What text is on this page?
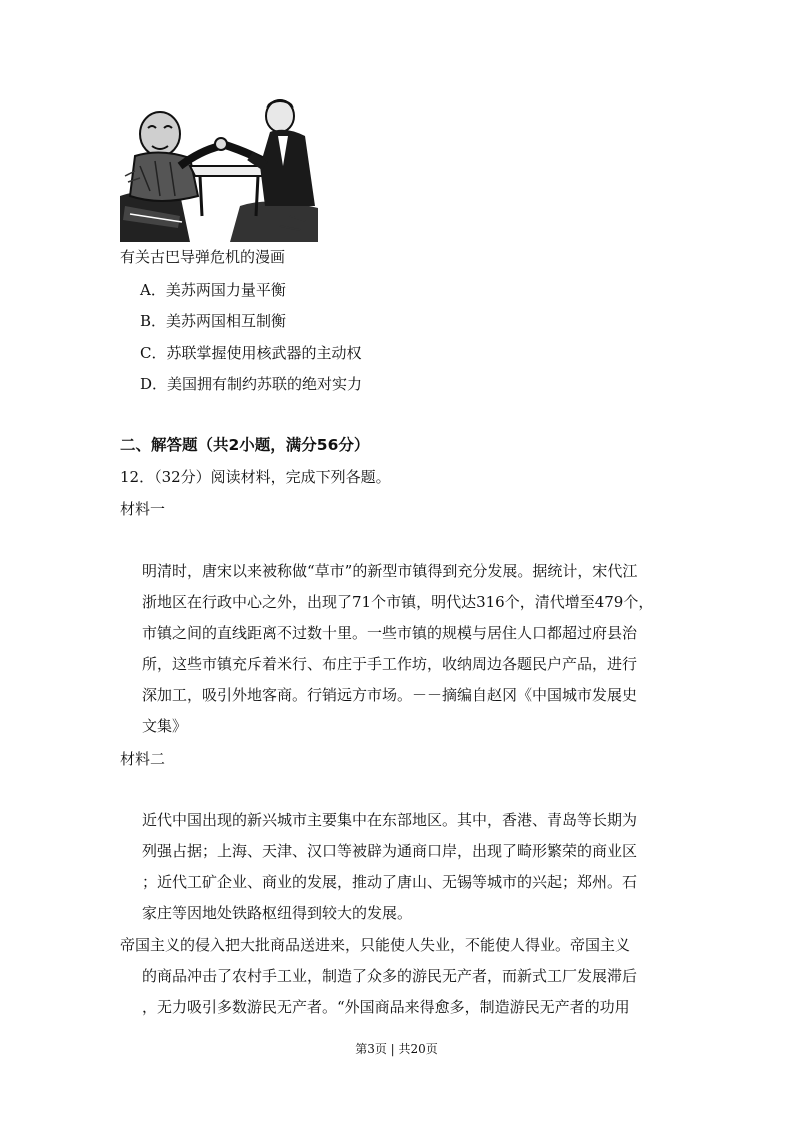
有关古巴导弹危机的漫画
A．美苏两国力量平衡
B．美苏两国相互制衡
C．苏联掌握使用核武器的主动权
D．美国拥有制约苏联的绝对实力
二、解答题（共2小题，满分56分）
12．（32分）阅读材料，完成下列各题。
材料一
明清时，唐宋以来被称做“草市”的新型市镇得到充分发展。据统计，宋代江
浙地区在行政中心之外，出现了71个市镇，明代达316个，清代增至479个，
市镇之间的直线距离不过数十里。一些市镇的规模与居住人口都超过府县治
所，这些市镇充斥着米行、布庄于手工作坊，收纳周边各题民户产品，进行
深加工，吸引外地客商。行销远方市场。－－摘编自赵冈《中国城市发展史
文集》
材料二
近代中国出现的新兴城市主要集中在东部地区。其中，香港、青岛等长期为
列强占据；上海、天津、汉口等被辟为通商口岸，出现了畸形繁荣的商业区
；近代工矿企业、商业的发展，推动了唐山、无锡等城市的兴起；郑州。石
家庄等因地处铁路枢纽得到较大的发展。
帝国主义的侵入把大批商品送进来，只能使人失业，不能使人得业。帝国主义
的商品冲击了农村手工业，制造了众多的游民无产者，而新式工厂发展滞后
，无力吸引多数游民无产者。“外国商品来得愈多，制造游民无产者的功用
第3页 | 共20页
